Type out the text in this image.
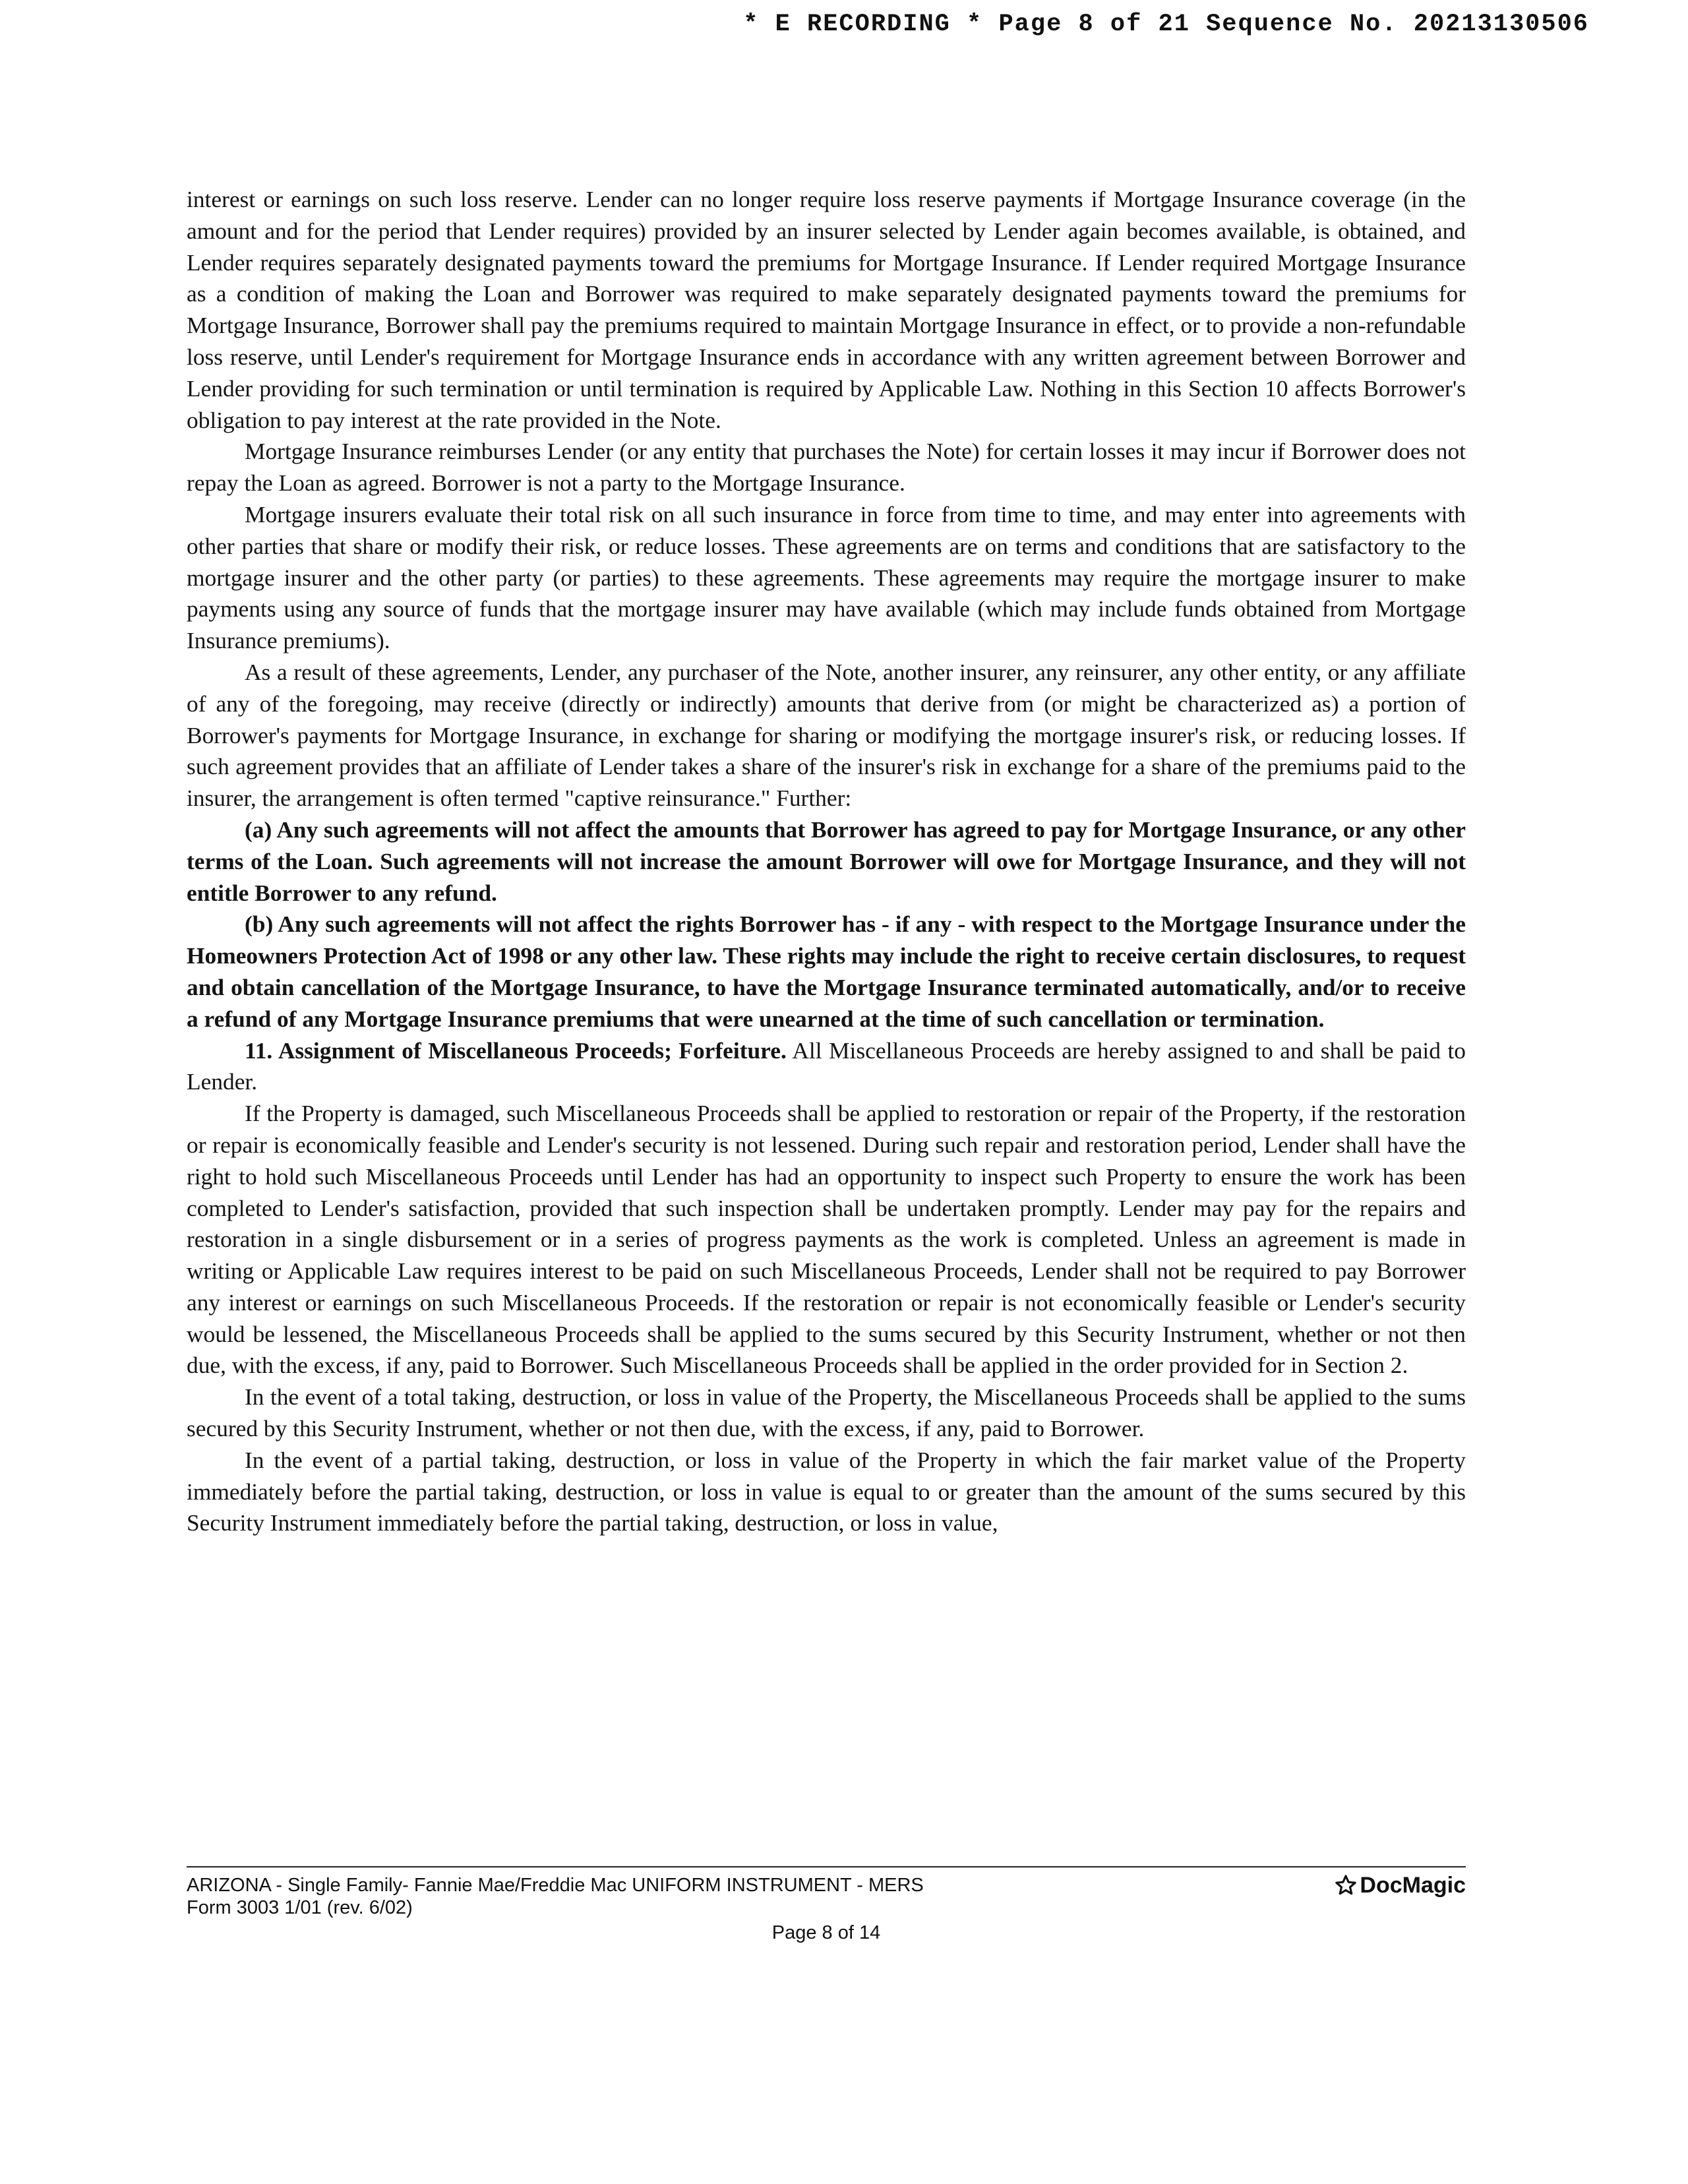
* E RECORDING * Page 8 of 21 Sequence No. 20213130506

interest or earnings on such loss reserve. Lender can no longer require loss reserve payments if Mortgage Insurance coverage (in the amount and for the period that Lender requires) provided by an insurer selected by Lender again becomes available, is obtained, and Lender requires separately designated payments toward the premiums for Mortgage Insurance. If Lender required Mortgage Insurance as a condition of making the Loan and Borrower was required to make separately designated payments toward the premiums for Mortgage Insurance, Borrower shall pay the premiums required to maintain Mortgage Insurance in effect, or to provide a non-refundable loss reserve, until Lender's requirement for Mortgage Insurance ends in accordance with any written agreement between Borrower and Lender providing for such termination or until termination is required by Applicable Law. Nothing in this Section 10 affects Borrower's obligation to pay interest at the rate provided in the Note.

Mortgage Insurance reimburses Lender (or any entity that purchases the Note) for certain losses it may incur if Borrower does not repay the Loan as agreed. Borrower is not a party to the Mortgage Insurance.

Mortgage insurers evaluate their total risk on all such insurance in force from time to time, and may enter into agreements with other parties that share or modify their risk, or reduce losses. These agreements are on terms and conditions that are satisfactory to the mortgage insurer and the other party (or parties) to these agreements. These agreements may require the mortgage insurer to make payments using any source of funds that the mortgage insurer may have available (which may include funds obtained from Mortgage Insurance premiums).

As a result of these agreements, Lender, any purchaser of the Note, another insurer, any reinsurer, any other entity, or any affiliate of any of the foregoing, may receive (directly or indirectly) amounts that derive from (or might be characterized as) a portion of Borrower's payments for Mortgage Insurance, in exchange for sharing or modifying the mortgage insurer's risk, or reducing losses. If such agreement provides that an affiliate of Lender takes a share of the insurer's risk in exchange for a share of the premiums paid to the insurer, the arrangement is often termed "captive reinsurance." Further:

(a) Any such agreements will not affect the amounts that Borrower has agreed to pay for Mortgage Insurance, or any other terms of the Loan. Such agreements will not increase the amount Borrower will owe for Mortgage Insurance, and they will not entitle Borrower to any refund.

(b) Any such agreements will not affect the rights Borrower has - if any - with respect to the Mortgage Insurance under the Homeowners Protection Act of 1998 or any other law. These rights may include the right to receive certain disclosures, to request and obtain cancellation of the Mortgage Insurance, to have the Mortgage Insurance terminated automatically, and/or to receive a refund of any Mortgage Insurance premiums that were unearned at the time of such cancellation or termination.

11. Assignment of Miscellaneous Proceeds; Forfeiture. All Miscellaneous Proceeds are hereby assigned to and shall be paid to Lender.

If the Property is damaged, such Miscellaneous Proceeds shall be applied to restoration or repair of the Property, if the restoration or repair is economically feasible and Lender's security is not lessened. During such repair and restoration period, Lender shall have the right to hold such Miscellaneous Proceeds until Lender has had an opportunity to inspect such Property to ensure the work has been completed to Lender's satisfaction, provided that such inspection shall be undertaken promptly. Lender may pay for the repairs and restoration in a single disbursement or in a series of progress payments as the work is completed. Unless an agreement is made in writing or Applicable Law requires interest to be paid on such Miscellaneous Proceeds, Lender shall not be required to pay Borrower any interest or earnings on such Miscellaneous Proceeds. If the restoration or repair is not economically feasible or Lender's security would be lessened, the Miscellaneous Proceeds shall be applied to the sums secured by this Security Instrument, whether or not then due, with the excess, if any, paid to Borrower. Such Miscellaneous Proceeds shall be applied in the order provided for in Section 2.

In the event of a total taking, destruction, or loss in value of the Property, the Miscellaneous Proceeds shall be applied to the sums secured by this Security Instrument, whether or not then due, with the excess, if any, paid to Borrower.

In the event of a partial taking, destruction, or loss in value of the Property in which the fair market value of the Property immediately before the partial taking, destruction, or loss in value is equal to or greater than the amount of the sums secured by this Security Instrument immediately before the partial taking, destruction, or loss in value,

ARIZONA - Single Family- Fannie Mae/Freddie Mac UNIFORM INSTRUMENT - MERS
Form 3003 1/01 (rev. 6/02)
Page 8 of 14
DocMagic
